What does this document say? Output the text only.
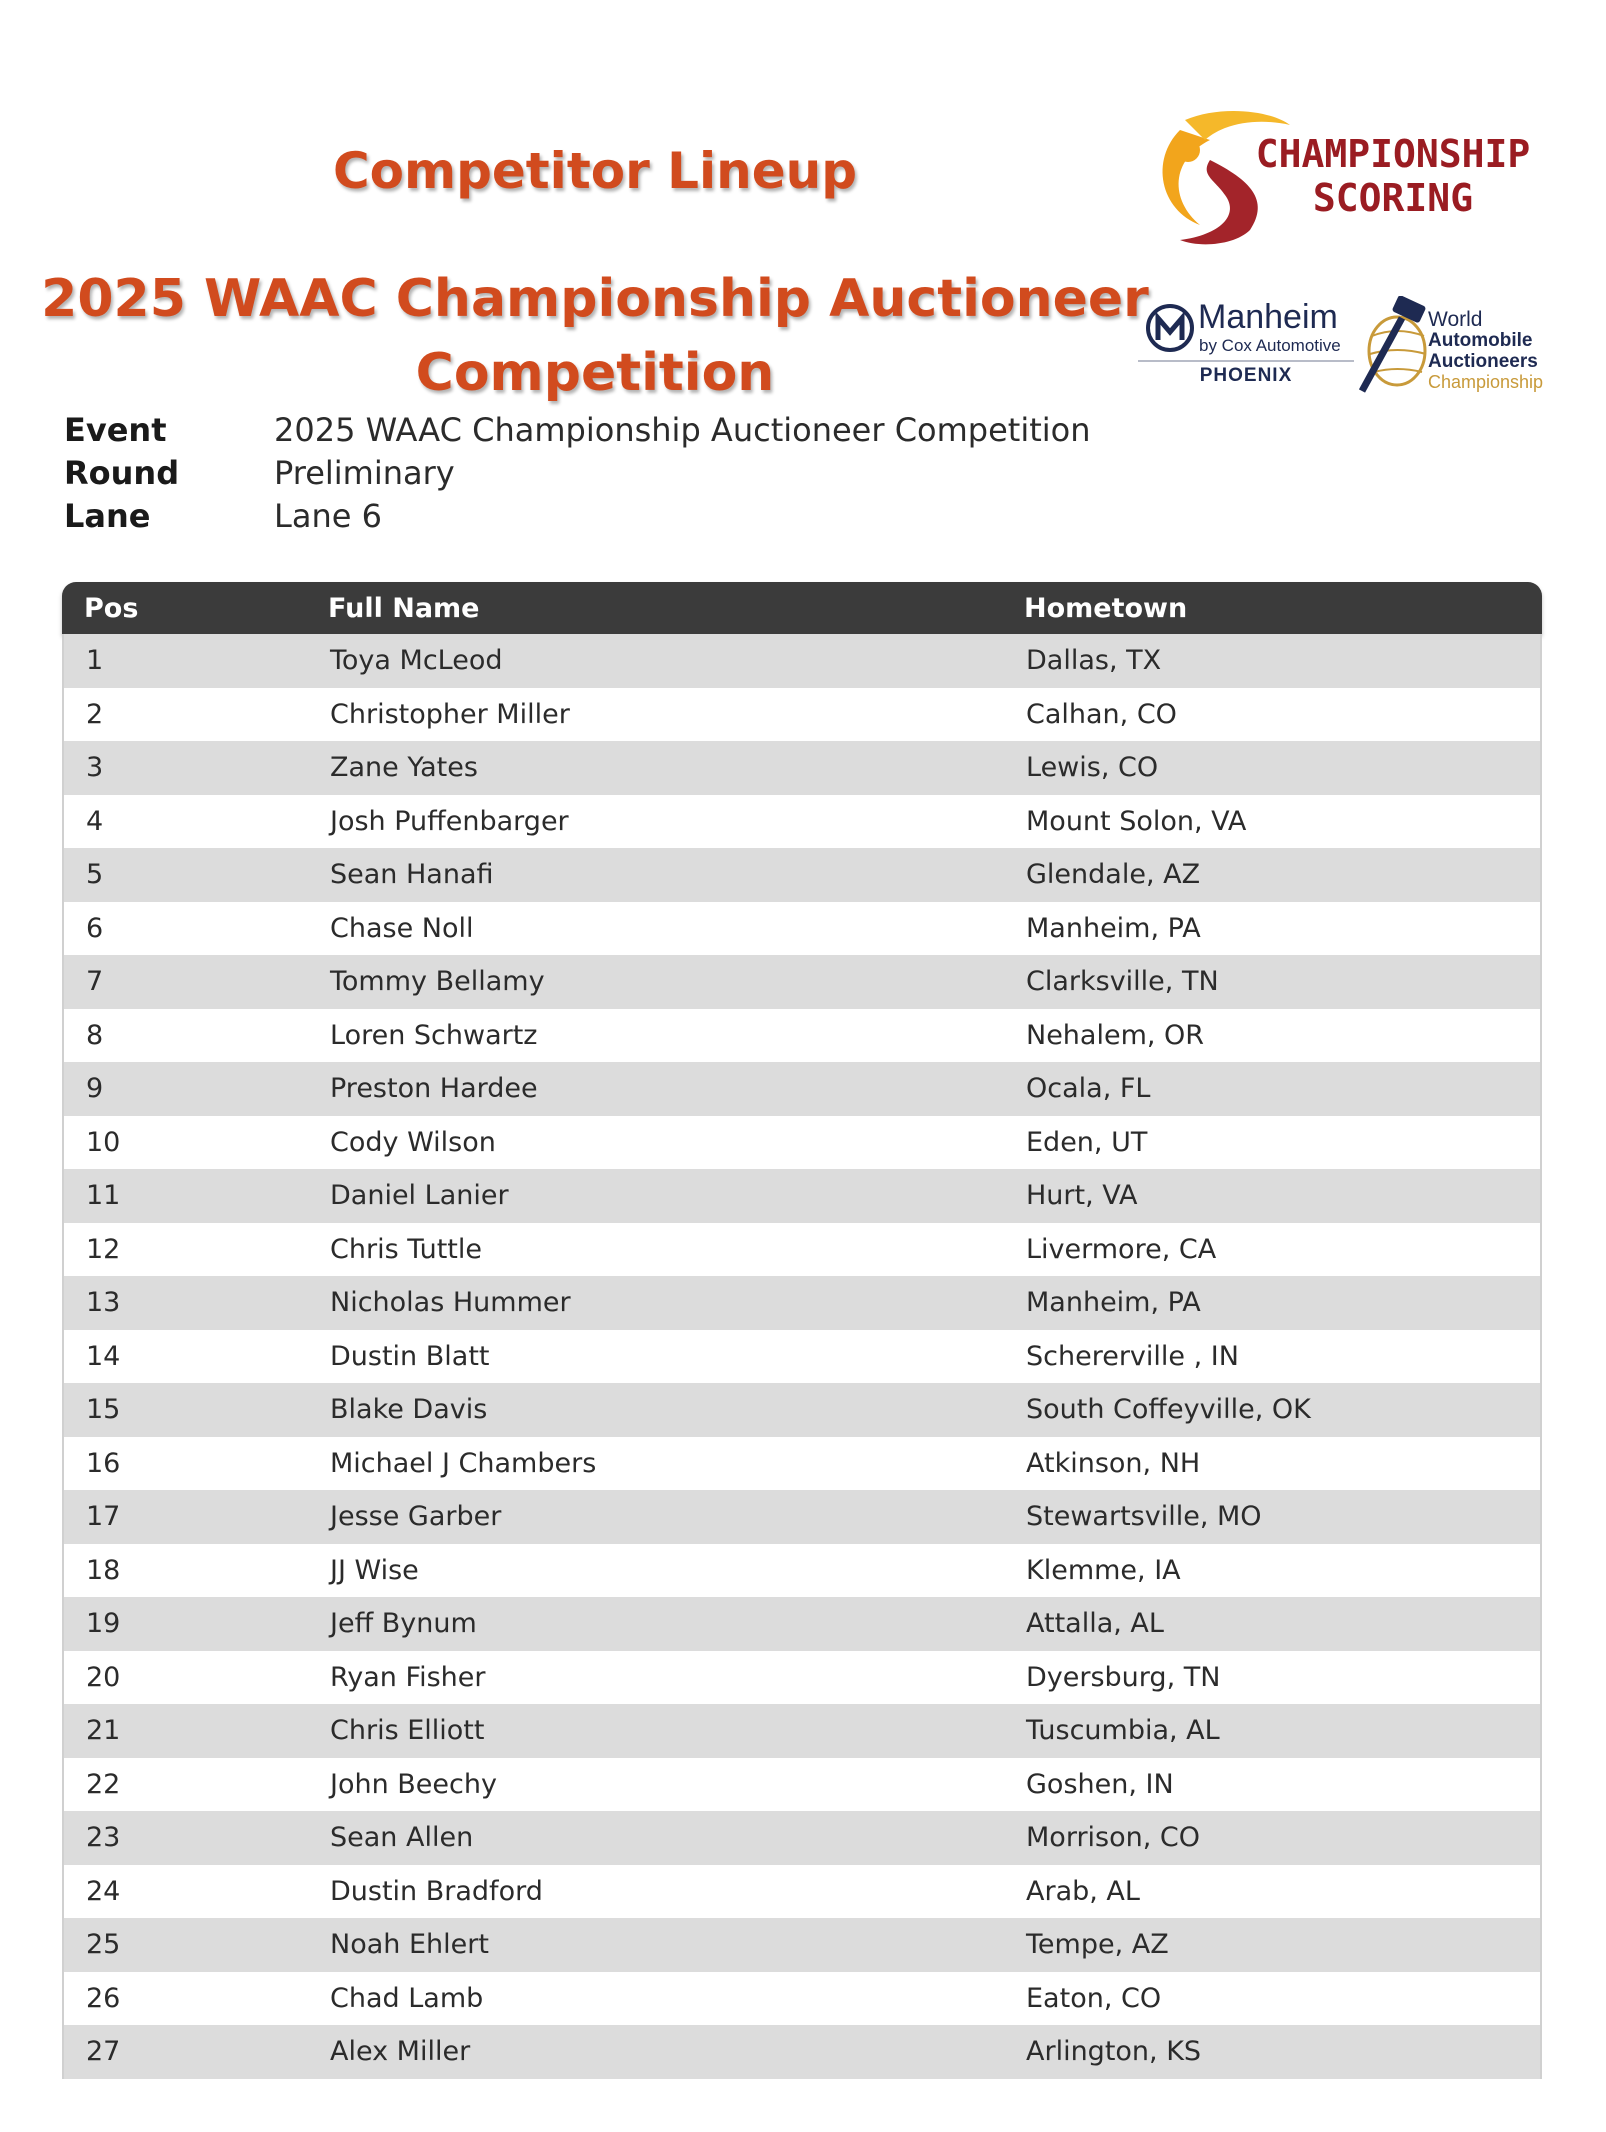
Competitor Lineup
2025 WAAC Championship Auctioneer
Competition
CHAMPIONSHIP
SCORING
Manheim
by Cox Automotive
PHOENIX
World
Automobile
Auctioneers
Championship
Event	2025 WAAC Championship Auctioneer Competition
Round	Preliminary
Lane	Lane 6
Pos	Full Name	Hometown
1	Toya McLeod	Dallas, TX
2	Christopher Miller	Calhan, CO
3	Zane Yates	Lewis, CO
4	Josh Puffenbarger	Mount Solon, VA
5	Sean Hanafi	Glendale, AZ
6	Chase Noll	Manheim, PA
7	Tommy Bellamy	Clarksville, TN
8	Loren Schwartz	Nehalem, OR
9	Preston Hardee	Ocala, FL
10	Cody Wilson	Eden, UT
11	Daniel Lanier	Hurt, VA
12	Chris Tuttle	Livermore, CA
13	Nicholas Hummer	Manheim, PA
14	Dustin Blatt	Schererville , IN
15	Blake Davis	South Coffeyville, OK
16	Michael J Chambers	Atkinson, NH
17	Jesse Garber	Stewartsville, MO
18	JJ Wise	Klemme, IA
19	Jeff Bynum	Attalla, AL
20	Ryan Fisher	Dyersburg, TN
21	Chris Elliott	Tuscumbia, AL
22	John Beechy	Goshen, IN
23	Sean Allen	Morrison, CO
24	Dustin Bradford	Arab, AL
25	Noah Ehlert	Tempe, AZ
26	Chad Lamb	Eaton, CO
27	Alex Miller	Arlington, KS
